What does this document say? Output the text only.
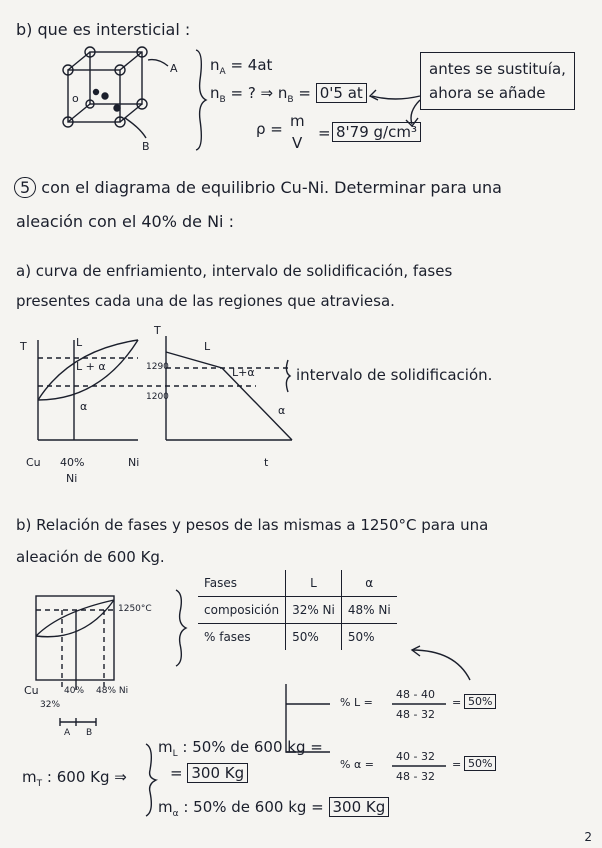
b) que es intersticial :
A
B
o
$n_A = 4at$
$n_B$ = ? ⇒ $n_B = 0'5$ at
ρ = m
V
= 8'79 g/cm³
antes se sustituía,
ahora se añade
5 con el diagrama de equilibrio Cu-Ni. Determinar para una
aleación con el 40% de Ni :
a) curva de enfriamiento, intervalo de solidificación, fases
presentes cada una de las regiones que atraviesa.
T	L
L + α
α
Cu 40%
Ni
Ni
T
1290
1200
L
L+α
α
t
intervalo de solidificación.
b) Relación de fases y pesos de las mismas a 1250°C para una
aleación de 600 Kg.
1250°C
Cu	40% 48% Ni
32%
A B
Fases	L	α
composición	32% Ni	48% Ni
% fases	50%	50%
% L =
48 - 40
48 - 32
= 50%
% α =
40 - 32
48 - 32
= 50%
$m_T$ : 600 Kg ⇒
$m_L$ : 50% de 600 kg =
= 300 Kg
$m_\alpha$ : 50% de 600 kg = 300 Kg
2
